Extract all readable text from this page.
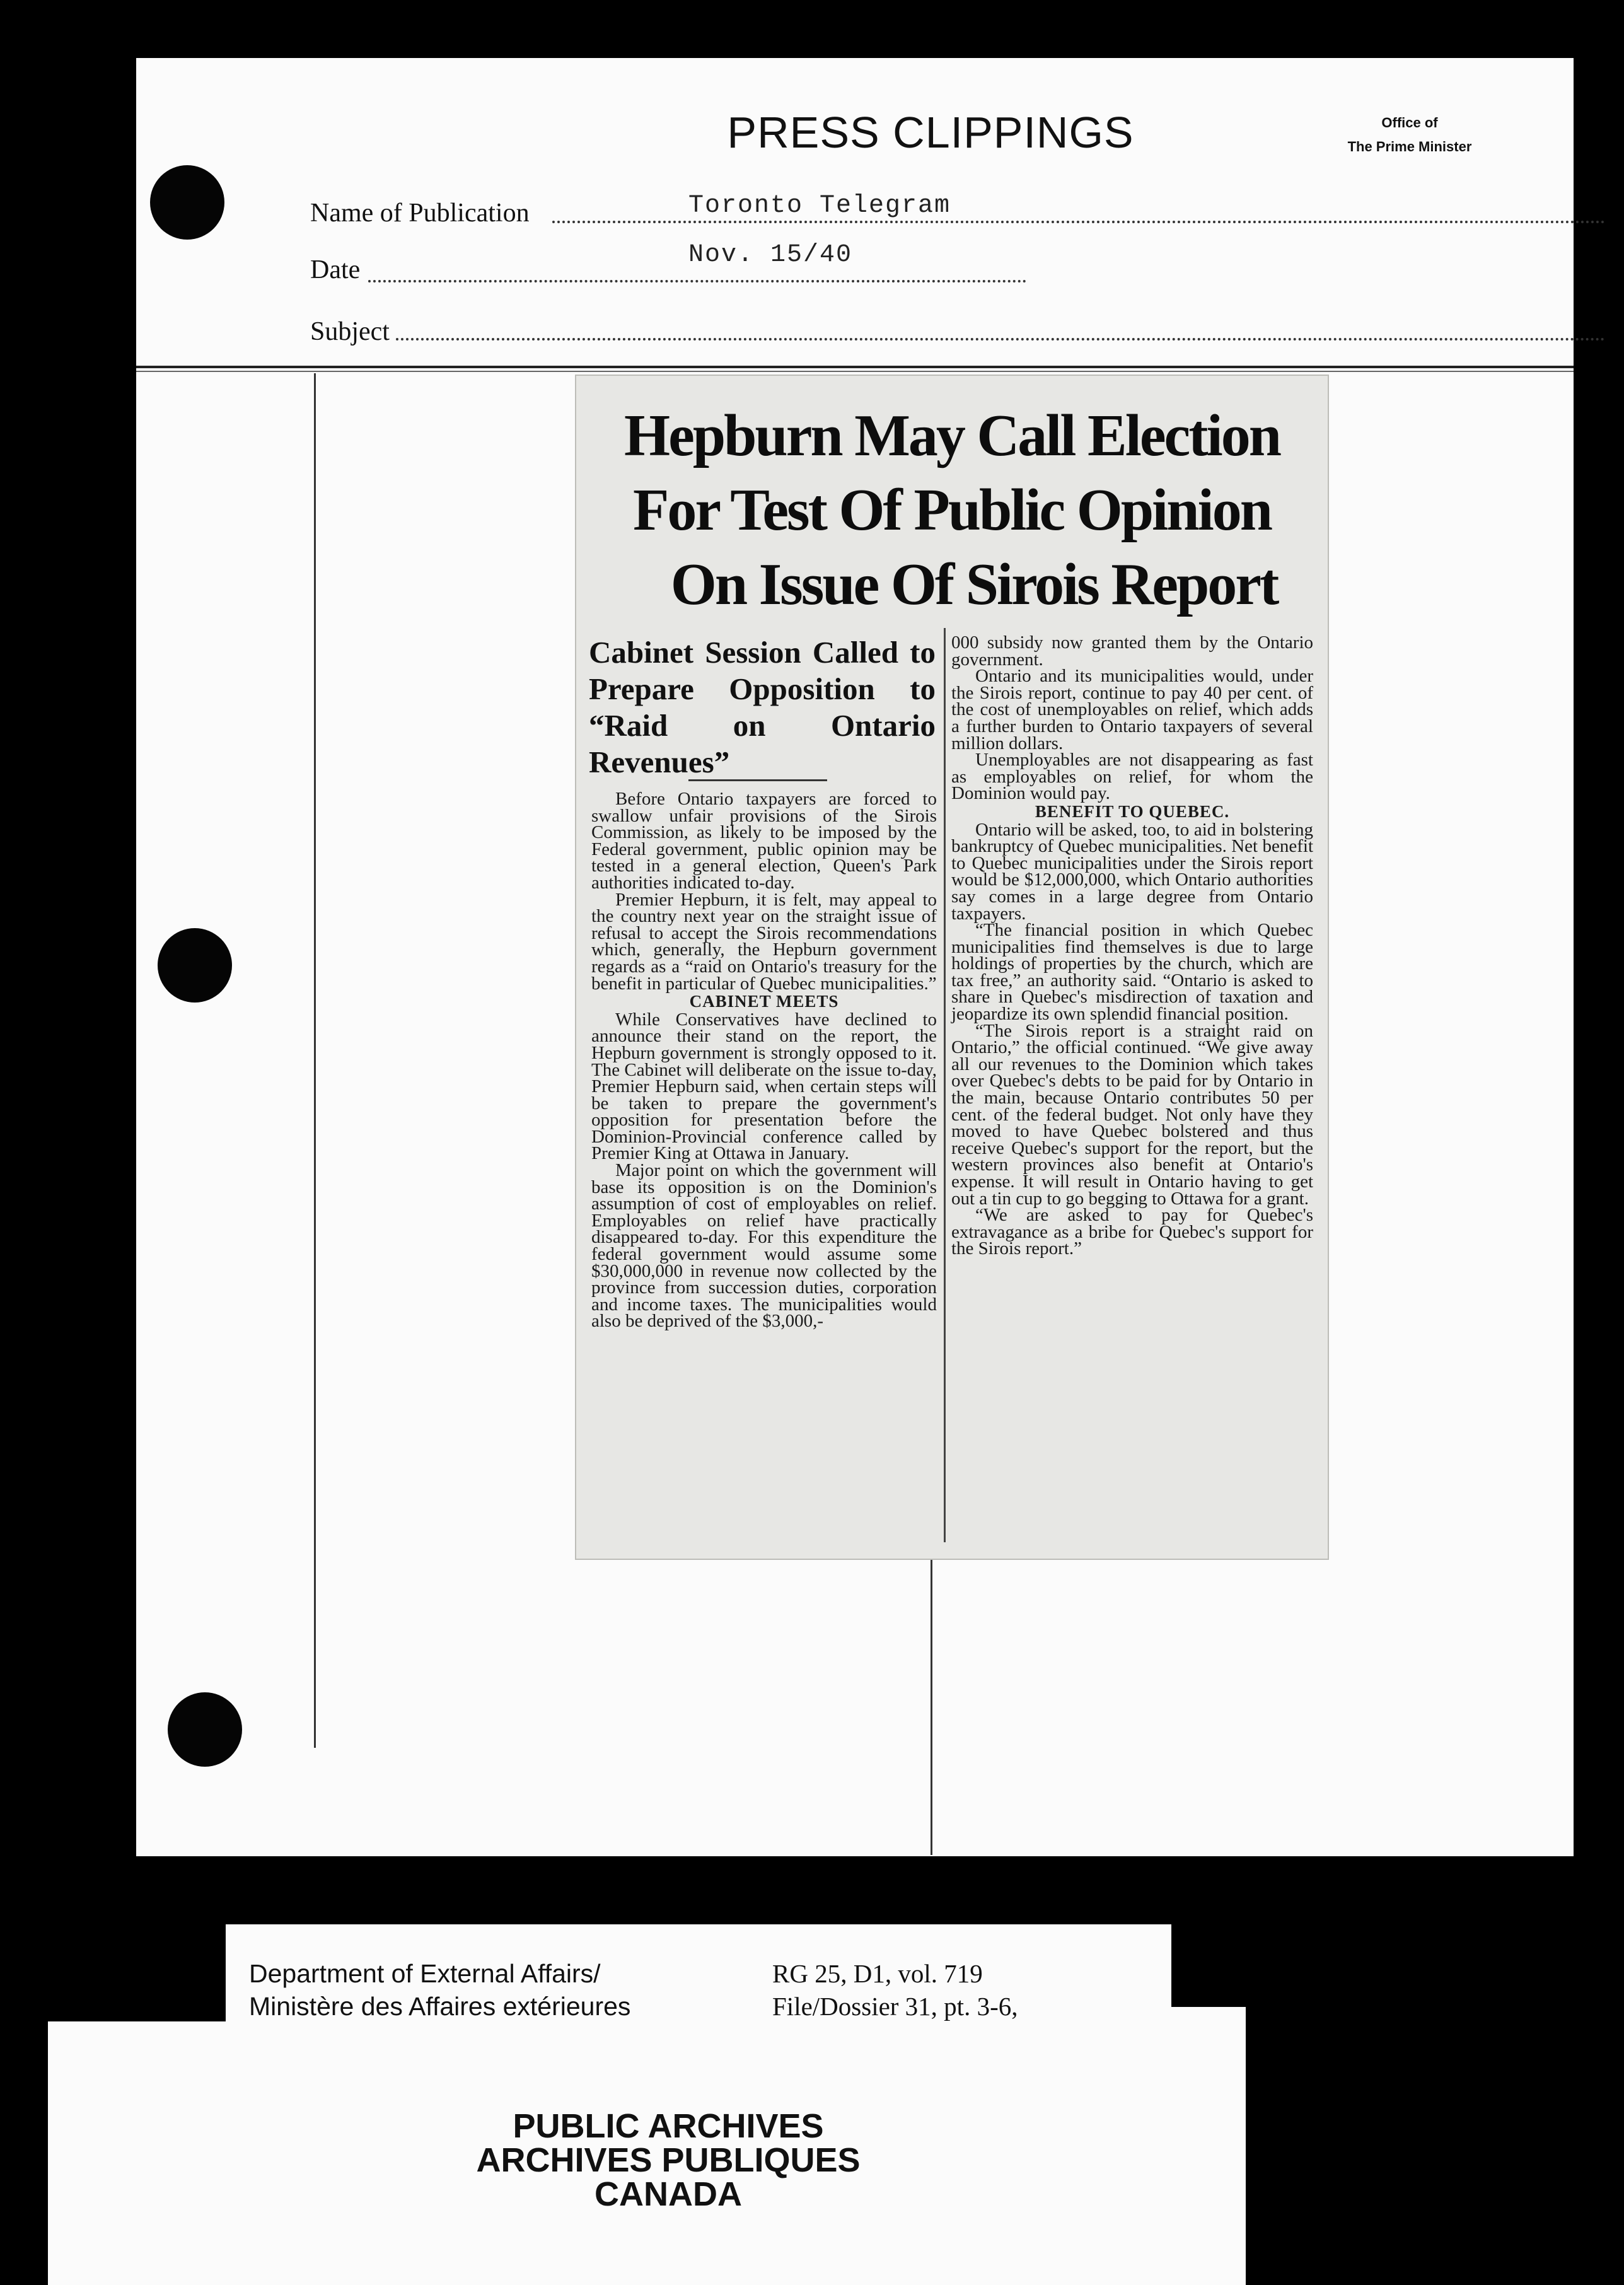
PRESS CLIPPINGS	Office of
The Prime Minister
Name of Publication	Toronto Telegram
Date
Nov. 15/40
Subject
Hepburn May Call Election
For Test Of Public Opinion
On Issue Of Sirois Report
Cabinet Session Called to Prepare Opposition to “Raid on Ontario Revenues”

Before Ontario taxpayers are forced to swallow unfair provisions of the Sirois Commission, as likely to be imposed by the Federal government, public opinion may be tested in a general election, Queen's Park authorities indicated to-day.

Premier Hepburn, it is felt, may appeal to the country next year on the straight issue of refusal to accept the Sirois recommendations which, generally, the Hepburn government regards as a “raid on Ontario's treasury for the benefit in particular of Quebec municipalities.”

CABINET MEETS

While Conservatives have declined to announce their stand on the report, the Hepburn government is strongly opposed to it. The Cabinet will deliberate on the issue to-day, Premier Hepburn said, when certain steps will be taken to prepare the government's opposition for presentation before the Dominion-Provincial conference called by Premier King at Ottawa in January.

Major point on which the government will base its opposition is on the Dominion's assumption of cost of employables on relief. Employables on relief have practically disappeared to-day. For this expenditure the federal government would assume some $30,000,000 in revenue now collected by the province from succession duties, corporation and income taxes. The municipalities would also be deprived of the $3,000,-

000 subsidy now granted them by the Ontario government.

Ontario and its municipalities would, under the Sirois report, continue to pay 40 per cent. of the cost of unemployables on relief, which adds a further burden to Ontario taxpayers of several million dollars.

Unemployables are not disappearing as fast as employables on relief, for whom the Dominion would pay.

BENEFIT TO QUEBEC.

Ontario will be asked, too, to aid in bolstering bankruptcy of Quebec municipalities. Net benefit to Quebec municipalities under the Sirois report would be $12,000,000, which Ontario authorities say comes in a large degree from Ontario taxpayers.

“The financial position in which Quebec municipalities find themselves is due to large holdings of properties by the church, which are tax free,” an authority said. “Ontario is asked to share in Quebec's misdirection of taxation and jeopardize its own splendid financial position.

“The Sirois report is a straight raid on Ontario,” the official continued. “We give away all our revenues to the Dominion which takes over Quebec's debts to be paid for by Ontario in the main, because Ontario contributes 50 per cent. of the federal budget. Not only have they moved to have Quebec bolstered and thus receive Quebec's support for the report, but the western provinces also benefit at Ontario's expense. It will result in Ontario having to get out a tin cup to go begging to Ottawa for a grant.

“We are asked to pay for Quebec's extravagance as a bribe for Quebec's support for the Sirois report.”

Department of External Affairs/
Ministère des Affaires extérieures
RG 25, D1, vol. 719
File/Dossier 31, pt. 3-6,
PUBLIC ARCHIVES
ARCHIVES PUBLIQUES
CANADA
